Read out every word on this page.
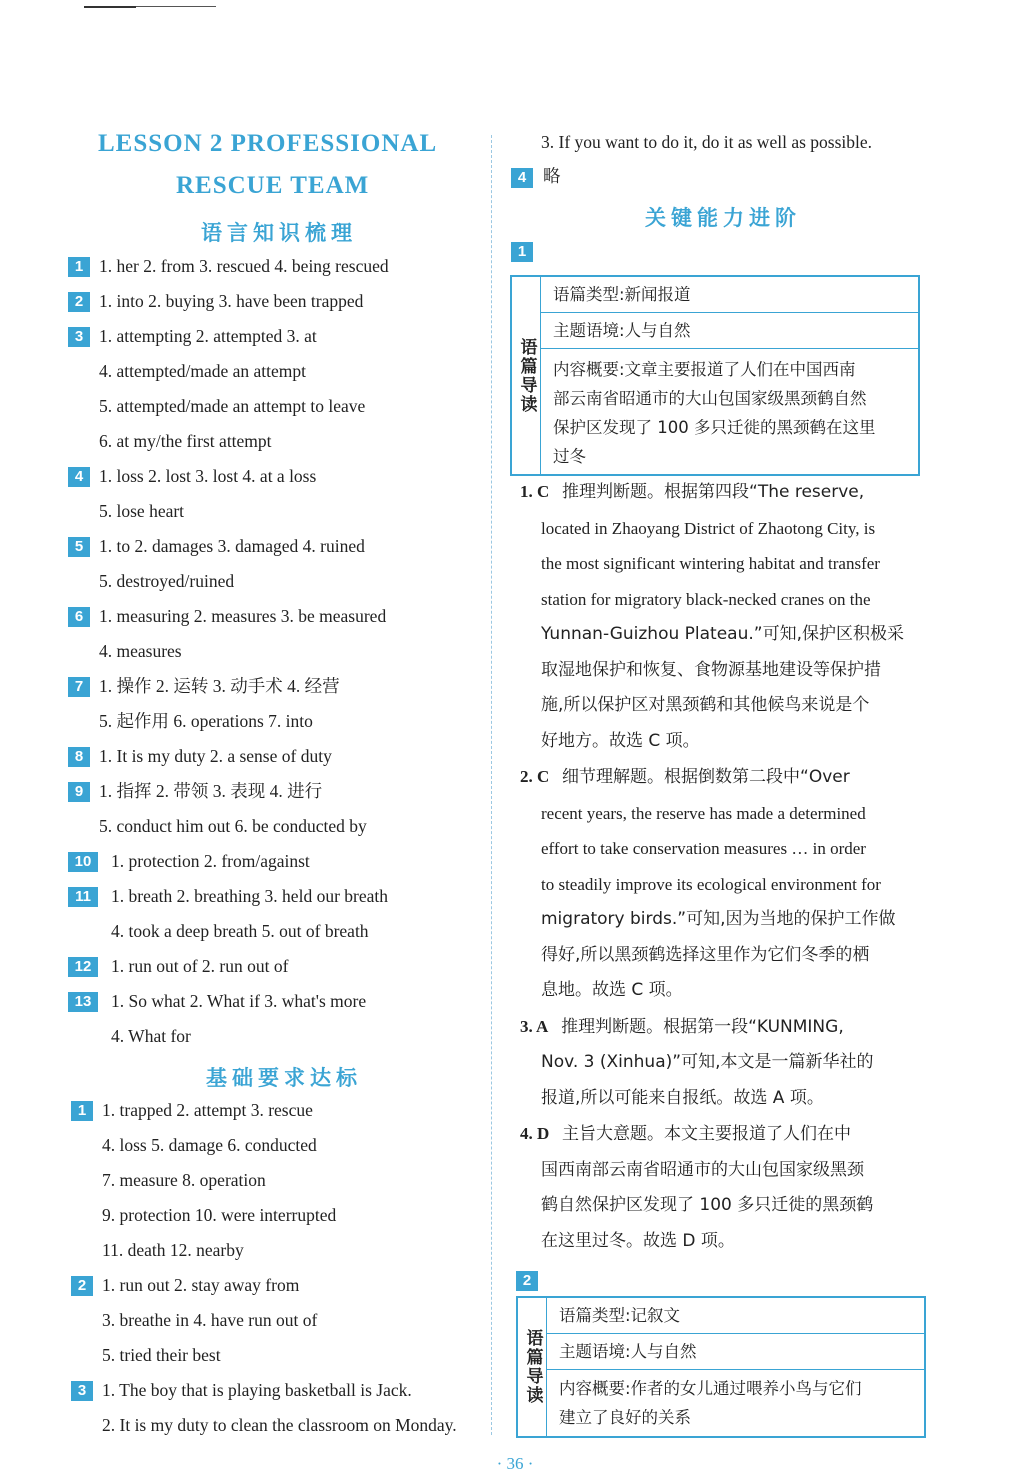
LESSON 2 PROFESSIONAL
RESCUE TEAM
语言知识梳理
1 1. her 2. from 3. rescued 4. being rescued
2 1. into 2. buying 3. have been trapped
3 1. attempting 2. attempted 3. at
4. attempted/made an attempt
5. attempted/made an attempt to leave
6. at my/the first attempt
4 1. loss 2. lost 3. lost 4. at a loss
5. lose heart
5 1. to 2. damages 3. damaged 4. ruined
5. destroyed/ruined
6 1. measuring 2. measures 3. be measured
4. measures
7 1. 操作 2. 运转 3. 动手术 4. 经营
5. 起作用 6. operations 7. into
8 1. It is my duty 2. a sense of duty
9 1. 指挥 2. 带领 3. 表现 4. 进行
5. conduct him out 6. be conducted by
10	1. protection 2. from/against
11	1. breath 2. breathing 3. held our breath
4. took a deep breath 5. out of breath
12	1. run out of 2. run out of
13	1. So what 2. What if 3. what's more
4. What for
基础要求达标
1 1. trapped 2. attempt 3. rescue
4. loss 5. damage 6. conducted
7. measure 8. operation
9. protection 10. were interrupted
11. death 12. nearby
2 1. run out 2. stay away from
3. breathe in 4. have run out of
5. tried their best
3 1. The boy that is playing basketball is Jack.
2. It is my duty to clean the classroom on Monday.
3. If you want to do it, do it as well as possible.
4 略
关键能力进阶
1
语篇导读
语篇类型:新闻报道
主题语境:人与自然
内容概要:文章主要报道了人们在中国西南
部云南省昭通市的大山包国家级黑颈鹤自然
保护区发现了 100 多只迁徙的黑颈鹤在这里
过冬
1. C 推理判断题。根据第四段“The reserve,
located in Zhaoyang District of Zhaotong City, is
the most significant wintering habitat and transfer
station for migratory black-necked cranes on the
Yunnan-Guizhou Plateau.”可知,保护区积极采
取湿地保护和恢复、食物源基地建设等保护措
施,所以保护区对黑颈鹤和其他候鸟来说是个
好地方。故选 C 项。
2. C 细节理解题。根据倒数第二段中“Over
recent years, the reserve has made a determined
effort to take conservation measures … in order
to steadily improve its ecological environment for
migratory birds.”可知,因为当地的保护工作做
得好,所以黑颈鹤选择这里作为它们冬季的栖
息地。故选 C 项。
3. A 推理判断题。根据第一段“KUNMING,
Nov. 3 (Xinhua)”可知,本文是一篇新华社的
报道,所以可能来自报纸。故选 A 项。
4. D 主旨大意题。本文主要报道了人们在中
国西南部云南省昭通市的大山包国家级黑颈
鹤自然保护区发现了 100 多只迁徙的黑颈鹤
在这里过冬。故选 D 项。
2
语篇导读
语篇类型:记叙文
主题语境:人与自然
内容概要:作者的女儿通过喂养小鸟与它们
建立了良好的关系
· 36 ·
